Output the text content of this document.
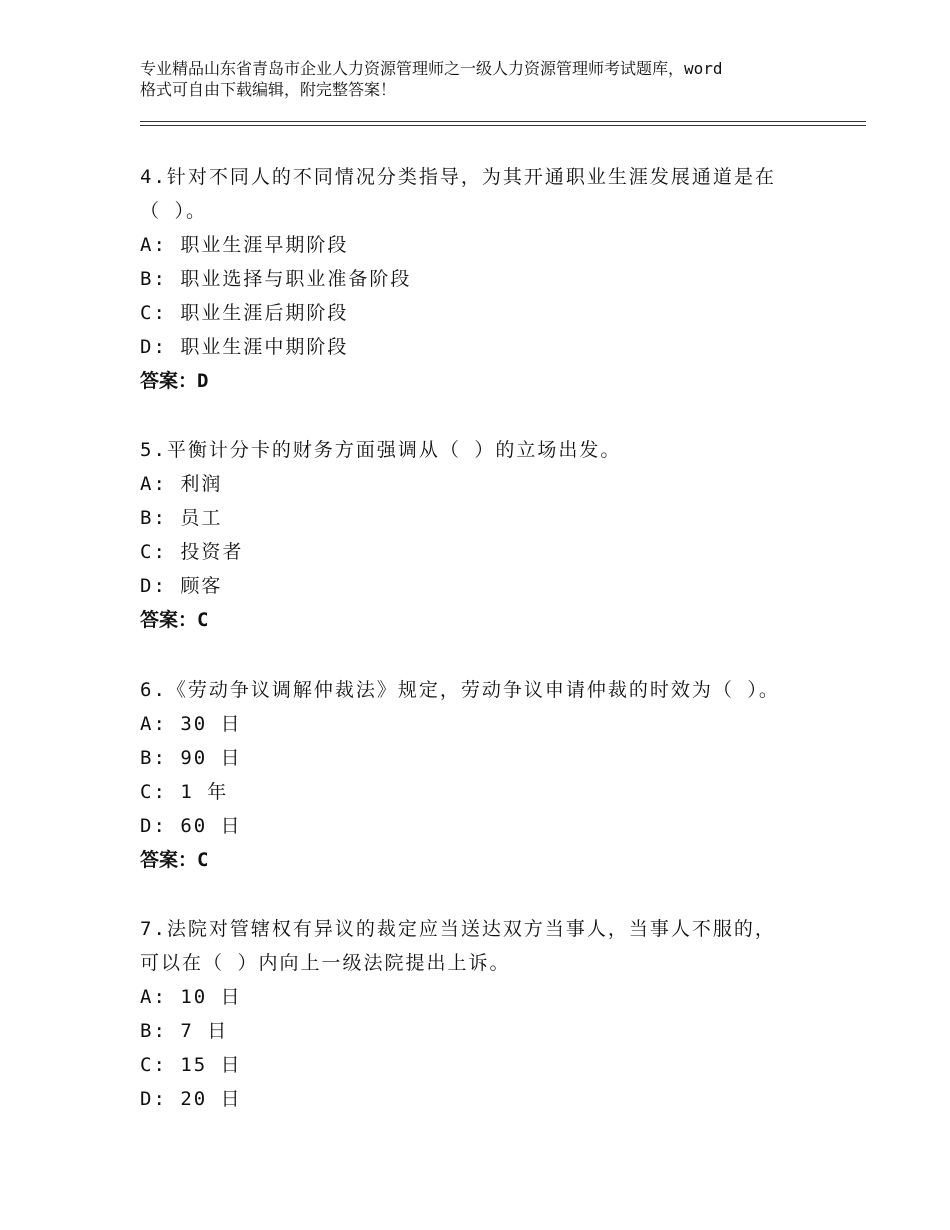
专业精品山东省青岛市企业人力资源管理师之一级人力资源管理师考试题库，word
格式可自由下载编辑，附完整答案！
4.针对不同人的不同情况分类指导，为其开通职业生涯发展通道是在
（ ）。
A: 职业生涯早期阶段
B: 职业选择与职业准备阶段
C: 职业生涯后期阶段
D: 职业生涯中期阶段
答案：D
5.平衡计分卡的财务方面强调从（ ）的立场出发。
A: 利润
B: 员工
C: 投资者
D: 顾客
答案：C
6.《劳动争议调解仲裁法》规定，劳动争议申请仲裁的时效为（ ）。
A: 30 日
B: 90 日
C: 1 年
D: 60 日
答案：C
7.法院对管辖权有异议的裁定应当送达双方当事人，当事人不服的，
可以在（ ）内向上一级法院提出上诉。
A: 10 日
B: 7 日
C: 15 日
D: 20 日
